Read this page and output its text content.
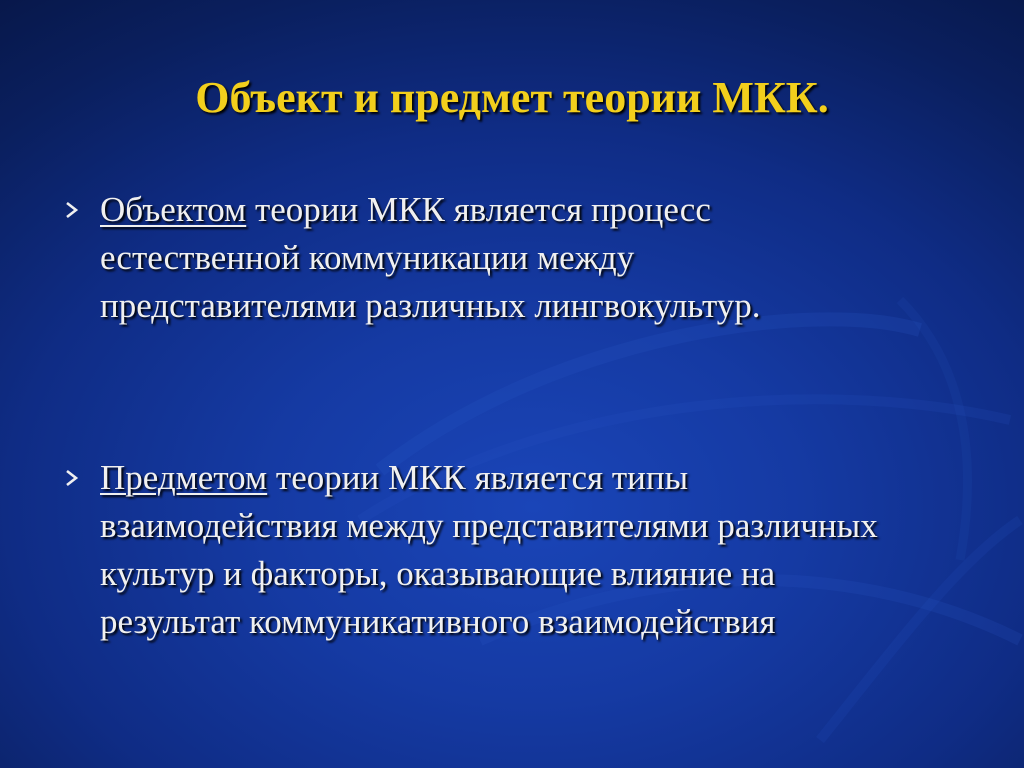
Объект и предмет теории МКК.
Объектом теории МКК является процесс
естественной коммуникации между
представителями различных лингвокультур.
Предметом теории МКК является типы
взаимодействия между представителями различных
культур и факторы, оказывающие влияние на
результат коммуникативного взаимодействия
